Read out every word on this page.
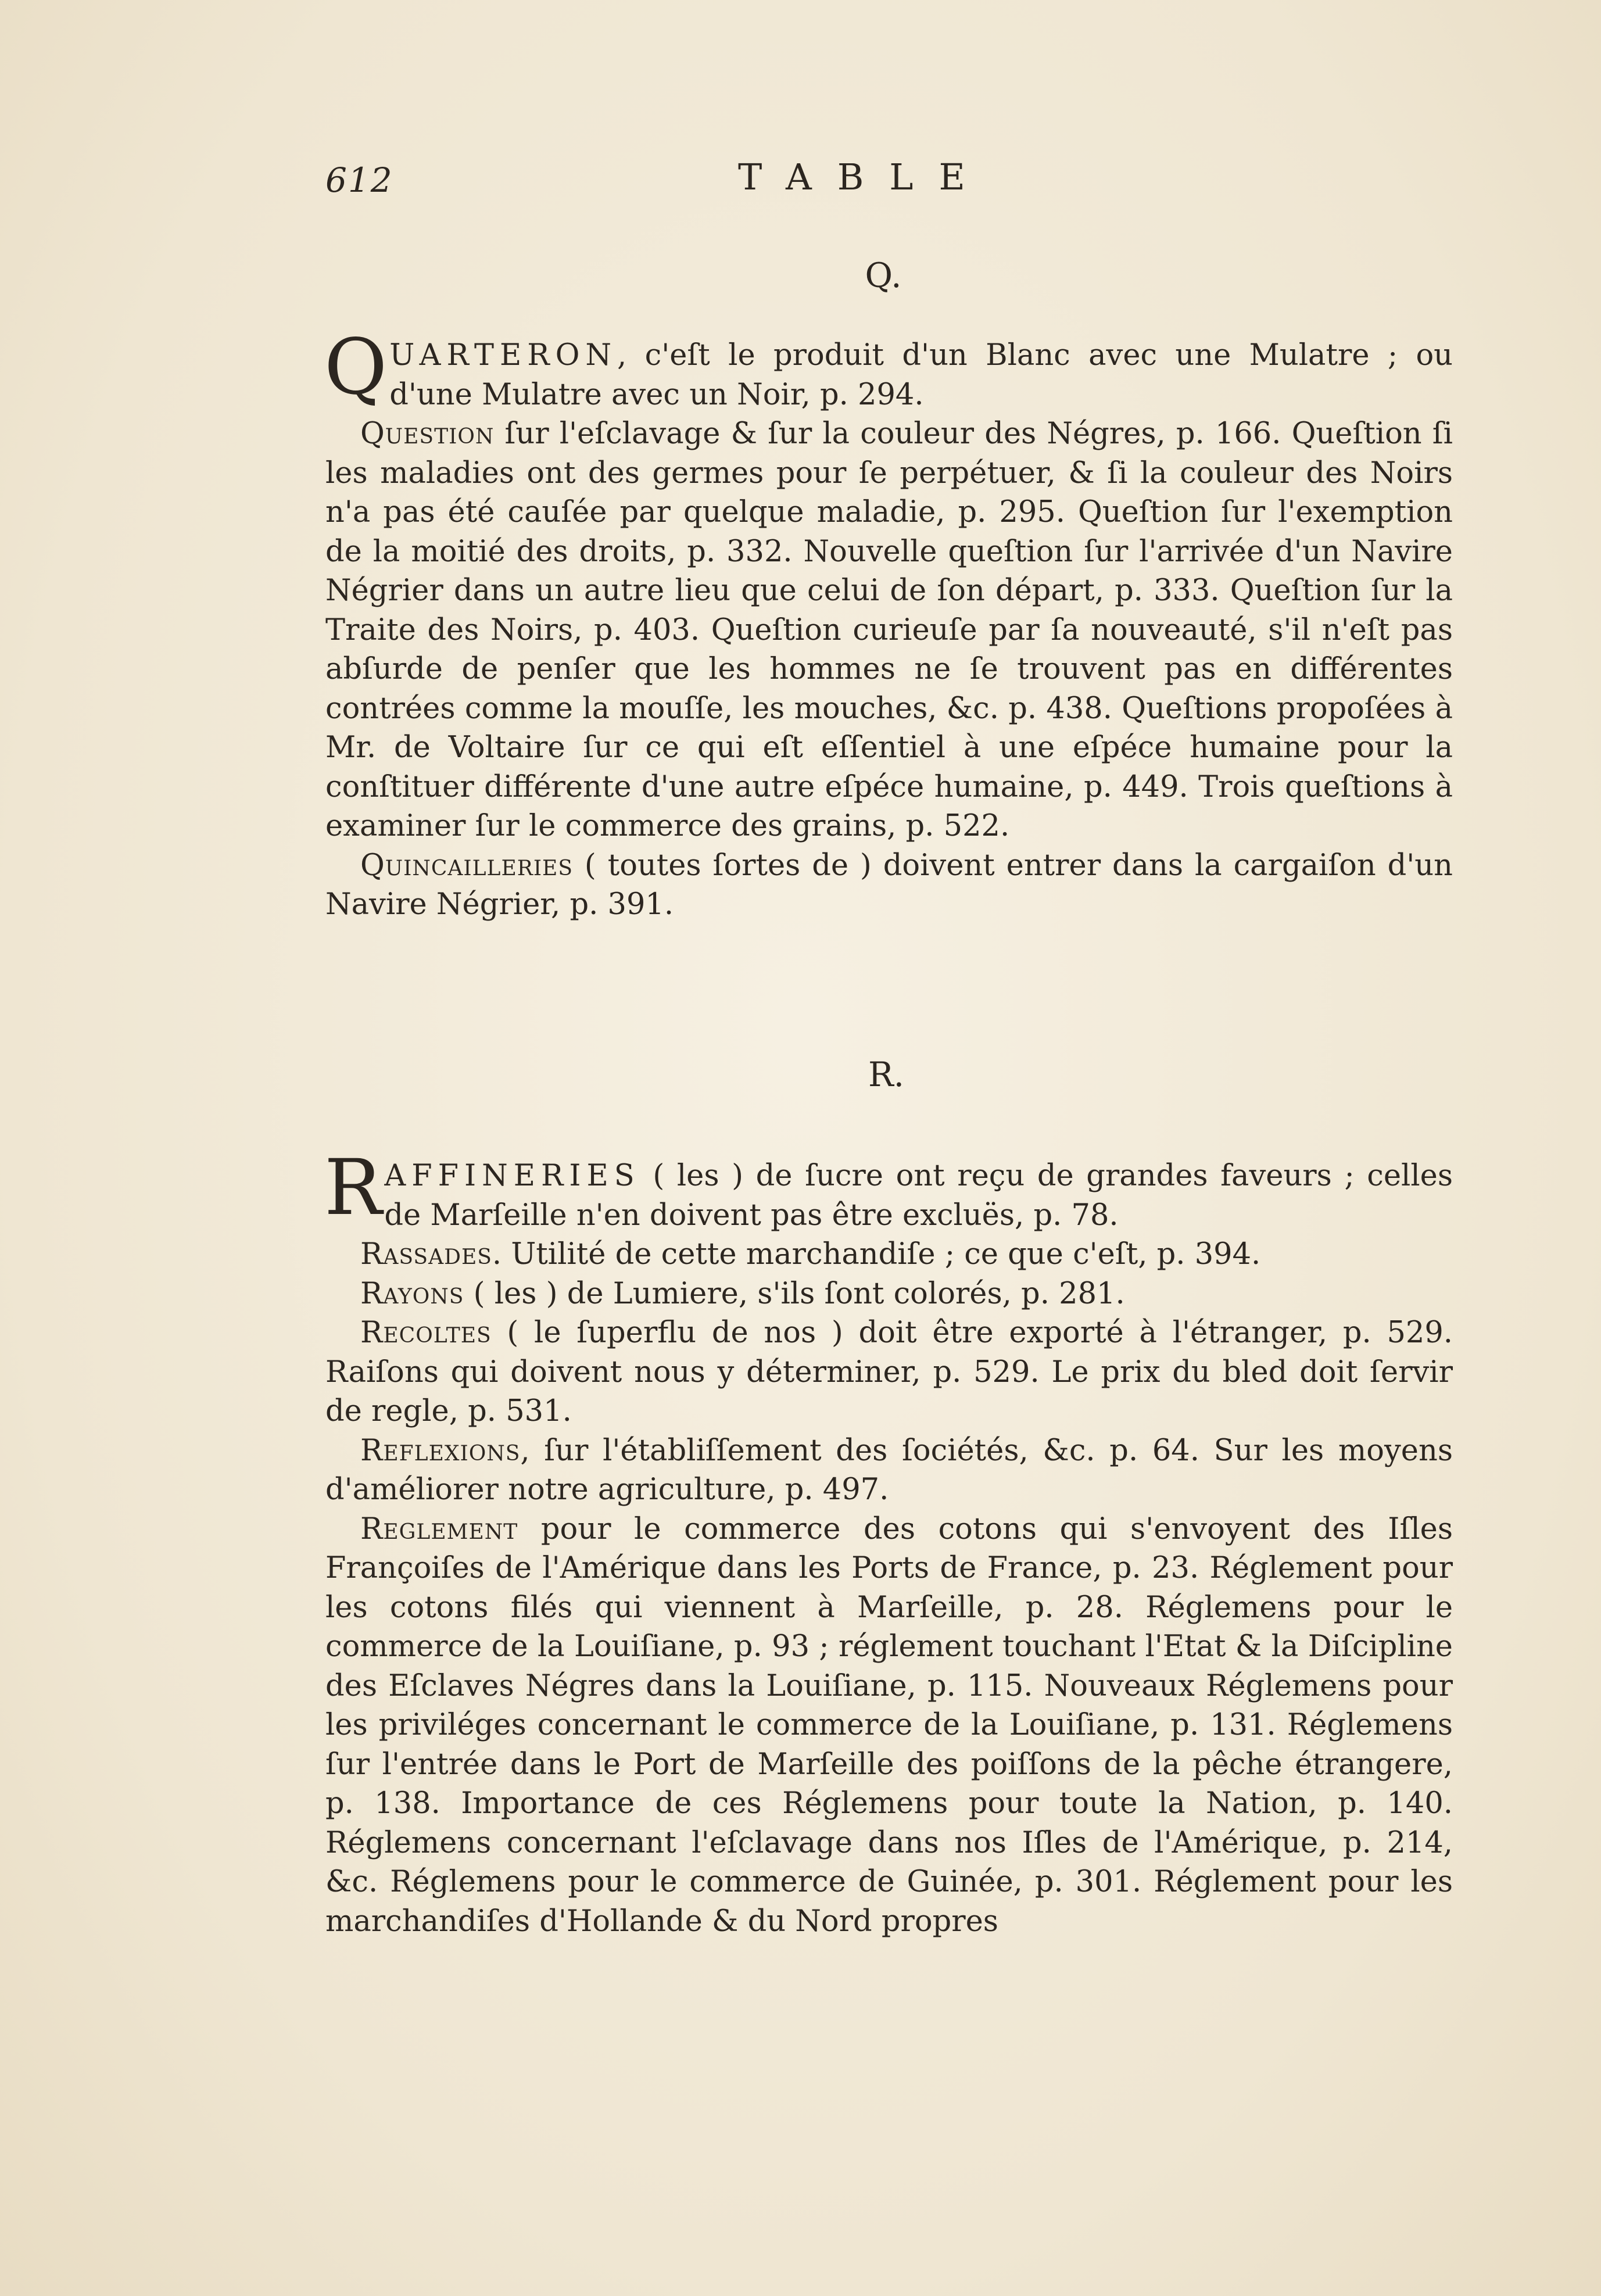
612	TABLE
Q.

QUARTERON, c'eſt le produit d'un Blanc avec une Mulatre ; ou d'une Mulatre avec un Noir, p. 294.

Question ſur l'eſclavage & ſur la couleur des Négres, p. 166. Queſtion ſi les maladies ont des germes pour ſe perpétuer, & ſi la couleur des Noirs n'a pas été cauſée par quelque maladie, p. 295. Queſtion ſur l'exemption de la moitié des droits, p. 332. Nouvelle queſtion ſur l'arrivée d'un Navire Négrier dans un autre lieu que celui de ſon départ, p. 333. Queſtion ſur la Traite des Noirs, p. 403. Queſtion curieuſe par ſa nouveauté, s'il n'eſt pas abſurde de penſer que les hommes ne ſe trouvent pas en différentes contrées comme la mouſſe, les mouches, &c. p. 438. Queſtions propoſées à Mr. de Voltaire ſur ce qui eſt eſſentiel à une eſpéce humaine pour la conſtituer différente d'une autre eſpéce humaine, p. 449. Trois queſtions à examiner ſur le commerce des grains, p. 522.

Quincailleries ( toutes ſortes de ) doivent entrer dans la cargaiſon d'un Navire Négrier, p. 391.

R.

RAFFINERIES ( les ) de ſucre ont reçu de grandes faveurs ; celles de Marſeille n'en doivent pas être excluës, p. 78.

Rassades. Utilité de cette marchandiſe ; ce que c'eſt, p. 394.

Rayons ( les ) de Lumiere, s'ils ſont colorés, p. 281.

Recoltes ( le ſuperflu de nos ) doit être exporté à l'étranger, p. 529. Raiſons qui doivent nous y déterminer, p. 529. Le prix du bled doit ſervir de regle, p. 531.

Reflexions, ſur l'établiſſement des ſociétés, &c. p. 64. Sur les moyens d'améliorer notre agriculture, p. 497.

Reglement pour le commerce des cotons qui s'envoyent des Iſles Françoiſes de l'Amérique dans les Ports de France, p. 23. Réglement pour les cotons filés qui viennent à Marſeille, p. 28. Réglemens pour le commerce de la Louiſiane, p. 93 ; réglement touchant l'Etat & la Diſcipline des Eſclaves Négres dans la Louiſiane, p. 115. Nouveaux Réglemens pour les priviléges concernant le commerce de la Louiſiane, p. 131. Réglemens ſur l'entrée dans le Port de Marſeille des poiſſons de la pêche étrangere, p. 138. Importance de ces Réglemens pour toute la Nation, p. 140. Réglemens concernant l'eſclavage dans nos Iſles de l'Amérique, p. 214, &c. Réglemens pour le commerce de Guinée, p. 301. Réglement pour les marchandiſes d'Hollande & du Nord propres
